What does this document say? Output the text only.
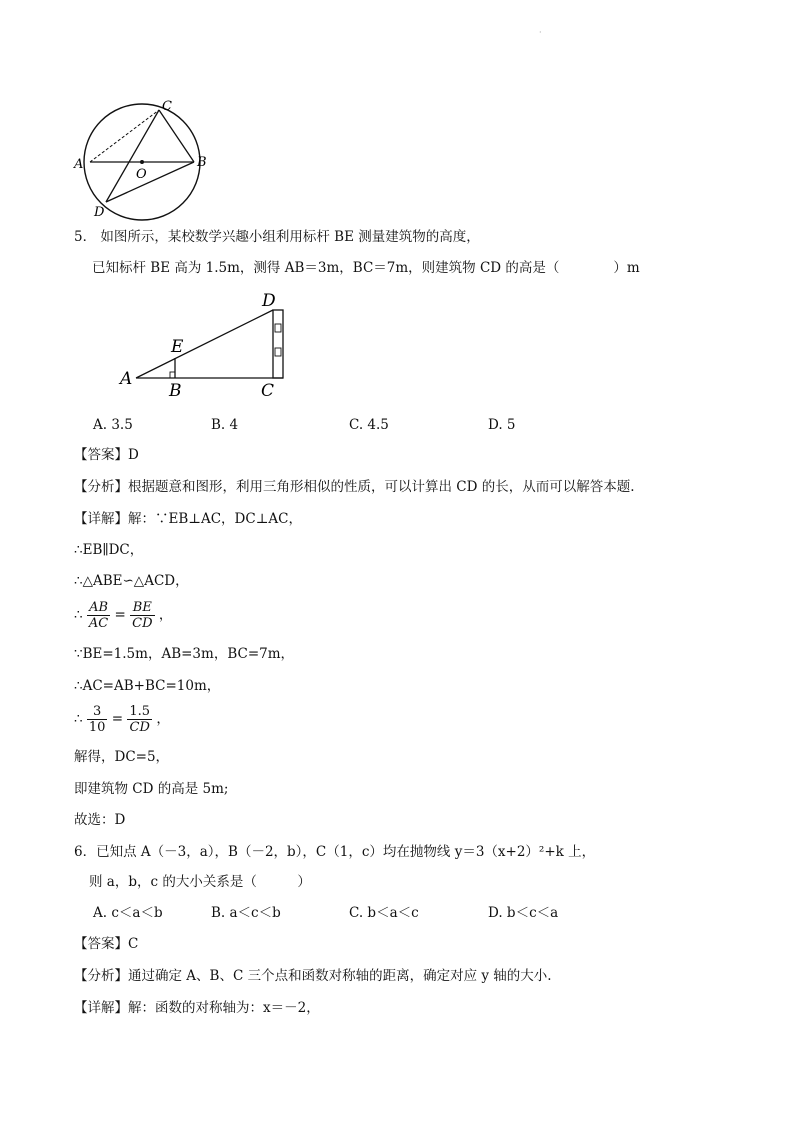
·
A	B
C
D
O
5． 如图所示，某校数学兴趣小组利用标杆 BE 测量建筑物的高度，
已知标杆 BE 高为 1.5m，测得 AB＝3m，BC＝7m，则建筑物 CD 的高是（　　　　）m
A
B	C
D
E
A. 3.5	B. 4	C. 4.5	D. 5
【答案】D
【分析】根据题意和图形，利用三角形相似的性质，可以计算出 CD 的长，从而可以解答本题.
【详解】解：∵EB⊥AC，DC⊥AC，
∴EB∥DC，
∴△ABE∽△ACD，
∴ $\frac{AB}{AC} = \frac{BE}{CD}$ ，
∵BE=1.5m，AB=3m，BC=7m，
∴AC=AB+BC=10m，
∴ $\frac{3}{10} = \frac{1.5}{CD}$ ，
解得，DC=5，
即建筑物 CD 的高是 5m;
故选：D
6．已知点 A（－3，a），B（－2，b），C（1，c）均在抛物线 y＝3（x+2）²+k 上，
则 a，b，c 的大小关系是（　　　）
A. c＜a＜b	B. a＜c＜b	C. b＜a＜c	D. b＜c＜a
【答案】C
【分析】通过确定 A、B、C 三个点和函数对称轴的距离，确定对应 y 轴的大小.
【详解】解：函数的对称轴为：x＝－2，
